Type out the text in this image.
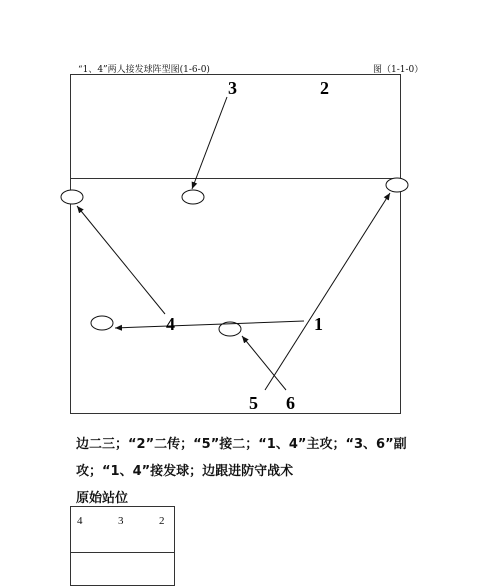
“1、4”两人接发球阵型图(1-6-0)	图（1-1-0）
3	2
4	1
5 6
边二三；“2”二传；“5”接二；“1、4”主攻；“3、6”副
攻；“1、4”接发球；边跟进防守战术
原始站位
4	3	2
